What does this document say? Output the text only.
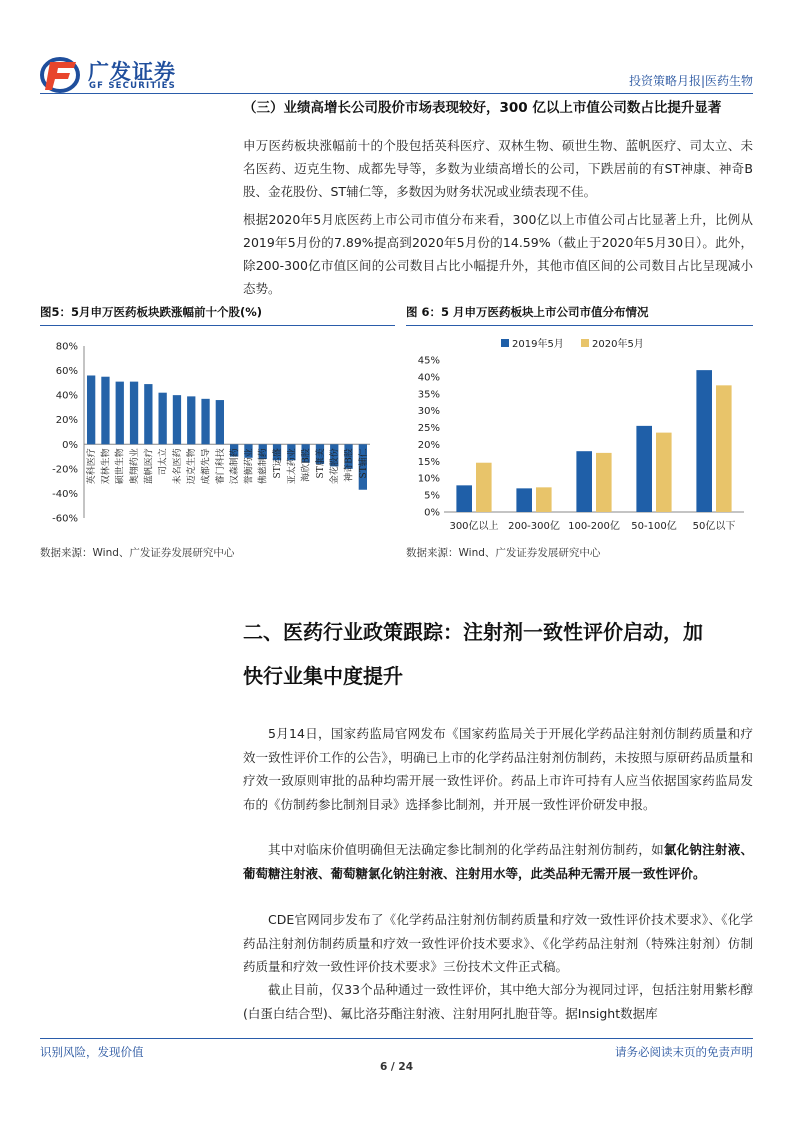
广发证券
GF SECURITIES	投资策略月报|医药生物
（三）业绩高增长公司股价市场表现较好，300 亿以上市值公司数占比提升显著
申万医药板块涨幅前十的个股包括英科医疗、双林生物、硕世生物、蓝帆医疗、司太立、未名医药、迈克生物、成都先导等，多数为业绩高增长的公司，下跌居前的有ST神康、神奇B股、金花股份、ST辅仁等，多数因为财务状况或业绩表现不佳。
根据2020年5月底医药上市公司市值分布来看，300亿以上市值公司占比显著上升，比例从2019年5月份的7.89%提高到2020年5月份的14.59%（截止于2020年5月30日）。此外，除200-300亿市值区间的公司数目占比小幅提升外，其他市值区间的公司数目占比呈现减小态势。
图5：5月申万医药板块跌涨幅前十个股(%)
80%
60%
40%
20%
0%
-20%
-40%
-60%
英科医疗 双林生物 硕世生物 奥翔药业 蓝帆医疗 司太立 未名医药 迈克生物 成都先导 睿门科技 汉森制药 誉衡药业 佛慈制药 ST运盛 亚太药业 海欣B股 ST康美 金花股份 神奇B股 ST辅仁
数据来源：Wind、广发证券发展研究中心
图 6：5 月申万医药板块上市公司市值分布情况
2019年5月	2020年5月
45%
40%
35%
30%
25%
20%
15%
10%
5%
0%
300亿以上 200-300亿 100-200亿 50-100亿 50亿以下
数据来源：Wind、广发证券发展研究中心
二、医药行业政策跟踪：注射剂一致性评价启动，加
快行业集中度提升
5月14日，国家药监局官网发布《国家药监局关于开展化学药品注射剂仿制药质量和疗效一致性评价工作的公告》，明确已上市的化学药品注射剂仿制药，未按照与原研药品质量和疗效一致原则审批的品种均需开展一致性评价。药品上市许可持有人应当依据国家药监局发布的《仿制药参比制剂目录》选择参比制剂，并开展一致性评价研发申报。
其中对临床价值明确但无法确定参比制剂的化学药品注射剂仿制药，如氯化钠注射液、葡萄糖注射液、葡萄糖氯化钠注射液、注射用水等，此类品种无需开展一致性评价。
CDE官网同步发布了《化学药品注射剂仿制药质量和疗效一致性评价技术要求》、《化学药品注射剂仿制药质量和疗效一致性评价技术要求》、《化学药品注射剂（特殊注射剂）仿制药质量和疗效一致性评价技术要求》三份技术文件正式稿。
截止目前，仅33个品种通过一致性评价，其中绝大部分为视同过评，包括注射用紫杉醇(白蛋白结合型)、氟比洛芬酯注射液、注射用阿扎胞苷等。据Insight数据库
识别风险，发现价值	请务必阅读末页的免责声明
6 / 24
